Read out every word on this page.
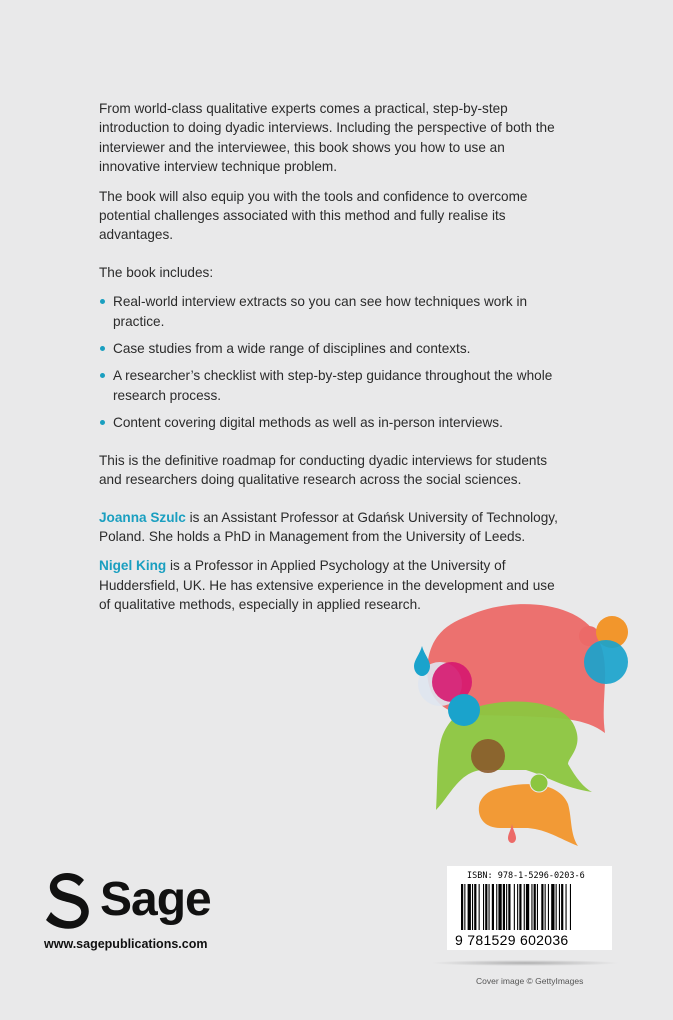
From world-class qualitative experts comes a practical, step-by-step introduction to doing dyadic interviews. Including the perspective of both the interviewer and the interviewee, this book shows you how to use an innovative interview technique problem.

The book will also equip you with the tools and confidence to overcome potential challenges associated with this method and fully realise its advantages.

The book includes:

Real-world interview extracts so you can see how techniques work in practice.
Case studies from a wide range of disciplines and contexts.
A researcher’s checklist with step-by-step guidance throughout the whole research process.
Content covering digital methods as well as in-person interviews.

This is the definitive roadmap for conducting dyadic interviews for students and researchers doing qualitative research across the social sciences.

Joanna Szulc is an Assistant Professor at Gdańsk University of Technology, Poland. She holds a PhD in Management from the University of Leeds.

Nigel King is a Professor in Applied Psychology at the University of Huddersfield, UK. He has extensive experience in the development and use of qualitative methods, especially in applied research.

Sage
www.sagepublications.com
ISBN: 978-1-5296-0203-6
9 781529 602036
Cover image © GettyImages
